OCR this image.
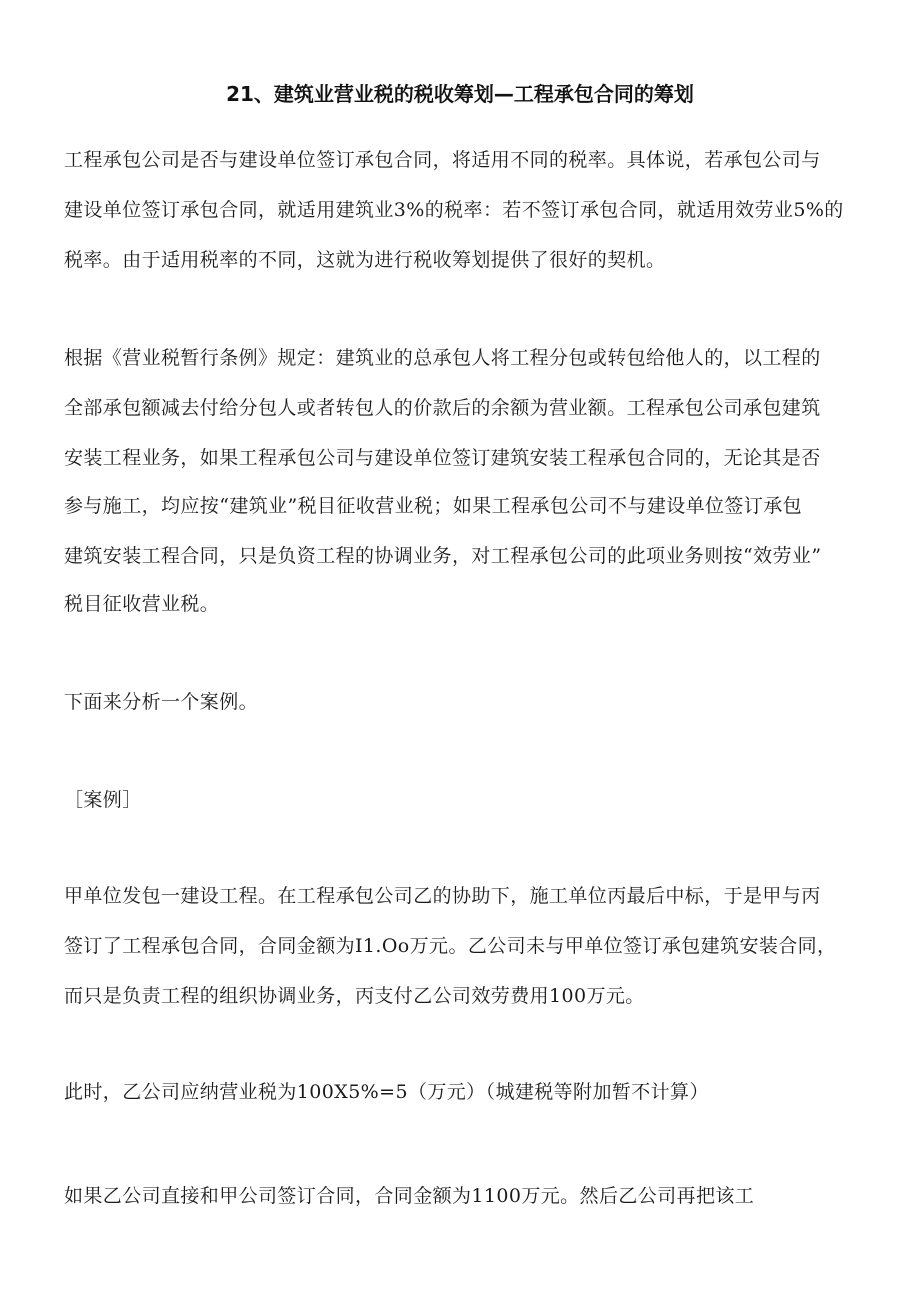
21、建筑业营业税的税收筹划—工程承包合同的筹划
工程承包公司是否与建设单位签订承包合同，将适用不同的税率。具体说，若承包公司与
建设单位签订承包合同，就适用建筑业3%的税率：若不签订承包合同，就适用效劳业5%的
税率。由于适用税率的不同，这就为进行税收筹划提供了很好的契机。
根据《营业税暂行条例》规定：建筑业的总承包人将工程分包或转包给他人的，以工程的
全部承包额减去付给分包人或者转包人的价款后的余额为营业额。工程承包公司承包建筑
安装工程业务，如果工程承包公司与建设单位签订建筑安装工程承包合同的，无论其是否
参与施工，均应按“建筑业”税目征收营业税；如果工程承包公司不与建设单位签订承包
建筑安装工程合同，只是负资工程的协调业务，对工程承包公司的此项业务则按“效劳业”
税目征收营业税。
下面来分析一个案例。
［案例］
甲单位发包一建设工程。在工程承包公司乙的协助下，施工单位丙最后中标，于是甲与丙
签订了工程承包合同，合同金额为I1.Oo万元。乙公司未与甲单位签订承包建筑安装合同，
而只是负责工程的组织协调业务，丙支付乙公司效劳费用100万元。
此时，乙公司应纳营业税为100X5%=5（万元）（城建税等附加暂不计算）
如果乙公司直接和甲公司签订合同，合同金额为1100万元。然后乙公司再把该工
